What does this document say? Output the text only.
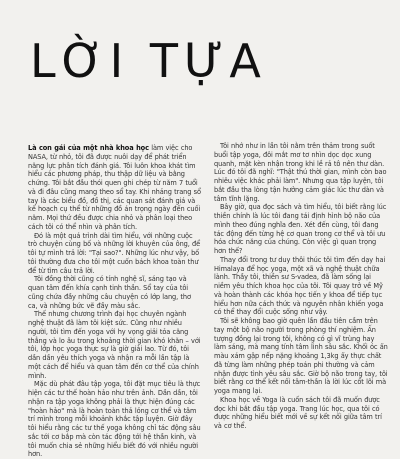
LỜI TỰA

Là con gái của một nhà khoa học làm việc cho NASA, từ nhỏ, tôi đã được nuôi dạy để phát triển năng lực phân tích đánh giá. Tôi luôn khoa khát tìm hiểu các phương pháp, thu thập dữ liệu và bằng chứng. Tôi bắt đầu thói quen ghi chép từ năm 7 tuổi và đi đâu cũng mang theo sổ tay. Khi nhảng trang sổ tay là các biểu đồ, đồ thị, các quan sát đánh giá và kế hoạch cụ thể từ những đồ án trọng ngày đến cuối năm. Mọi thứ đều được chia nhỏ và phân loại theo cách tôi có thể nhìn và phân tích.

Đó là một quá trình dài tìm hiểu, với những cuộc trò chuyện cùng bố và những lời khuyên của ông, để tôi tự mình trả lời: "Tại sao?". Những lúc như vậy, bố tôi thường đưa cho tôi một cuốn bách khoa toàn thư để từ tìm câu trả lời.

Tôi đồng thời cũng có tính nghệ sĩ, sáng tạo và quan tâm đến khía cạnh tinh thần. Sổ tay của tôi cũng chứa đầy những câu chuyện có lớp lang, thơ ca, và những bức vẽ đầy màu sắc.

Thế nhưng chương trình đại học chuyên ngành nghệ thuật đã làm tôi kiệt sức. Cũng như nhiều người, tôi tìm đến yoga với hy vọng giải tỏa căng thẳng và lo âu trong khoảng thời gian khó khăn – với tôi, lớp học yoga thực sự là giờ giải lao. Từ đó, tôi dần dần yêu thích yoga và nhận ra mỗi lần tập là một cách để hiểu và quan tâm đến cơ thể của chính mình.

Mặc dù phát đâu tập yoga, tôi đặt mục tiêu là thực hiện các tư thế hoàn hảo như trên ảnh. Dần dần, tôi nhận ra tập yoga không phải là thực hiện đúng các "hoàn hảo" mà là hoàn toàn thả lỏng cơ thể và tâm trí mình trong mỗi khoảnh khắc tập luyện. Giờ đây tôi hiểu rằng các tư thế yoga không chỉ tác động sâu sắc tới cơ bắp mà còn tác động tới hệ thần kinh, và tôi muốn chia sẻ những hiểu biết đó với nhiều người hơn.

Tôi nhớ như in lần tôi nằm trên thảm trong suốt buổi tập yoga, đôi mắt mơ tơ nhìn dọc dọc xung quanh, mặt kèn nhận trong khi lề rả tô nên thư dàn. Lúc đó tôi đã nghĩ: "Thật thú thời gian, mình còn bao nhiêu việc khác phải làm". Nhưng qua tập luyện, tôi bắt đầu tha lòng tận hưởng cảm giác lúc thư dàn và tâm tĩnh lặng.

Bây giờ, qua đọc sách và tìm hiểu, tôi biết rằng lúc thiền chính là lúc tôi đang tái định hình bộ não của mình theo đúng nghĩa đen. Xét đến cùng, tôi đang tác động đến từng hệ cơ quan trong cơ thể và tôi ưu hóa chức năng của chúng. Còn việc gì quan trọng hơn thế?

Thay đổi trong tư duy thôi thúc tôi tìm đến dạy hai Himalaya để học yoga, một xã và nghệ thuật chữa lành. Thầy tôi, thiền sư S-vadea, đã làm sống lại niềm yêu thích khoa học của tôi. Tôi quay trở về Mỹ và hoàn thành các khóa học tiến y khoa để tiếp tục hiểu hơn nữa cách thức và nguyên nhân khiến yoga có thể thay đổi cuộc sống như vậy.

Tôi sẽ không bao giờ quên lần đầu tiên cầm trên tay một bộ não người trong phòng thí nghiệm. Ấn tượng đồng lại trong tôi, không có gì vĩ trùng hay làm sáng, mà mang tính tâm linh sâu sắc. Khối óc ấn màu xám gập nếp nặng khoảng 1,3kg ấy thực chất đã từng làm những phép toán phi thường và cảm nhận được tình yêu sâu sắc. Giờ bộ não trong tay, tôi biết rằng cơ thể kết nối tâm-thần là lời lúc cốt lõi mà yoga mang lại.

Khoa học về Yoga là cuốn sách tôi đã muốn được đọc khi bắt đầu tập yoga. Trang lúc học, qua tôi có được những hiểu biết mới về sự kết nối giữa tâm trí và cơ thể.
